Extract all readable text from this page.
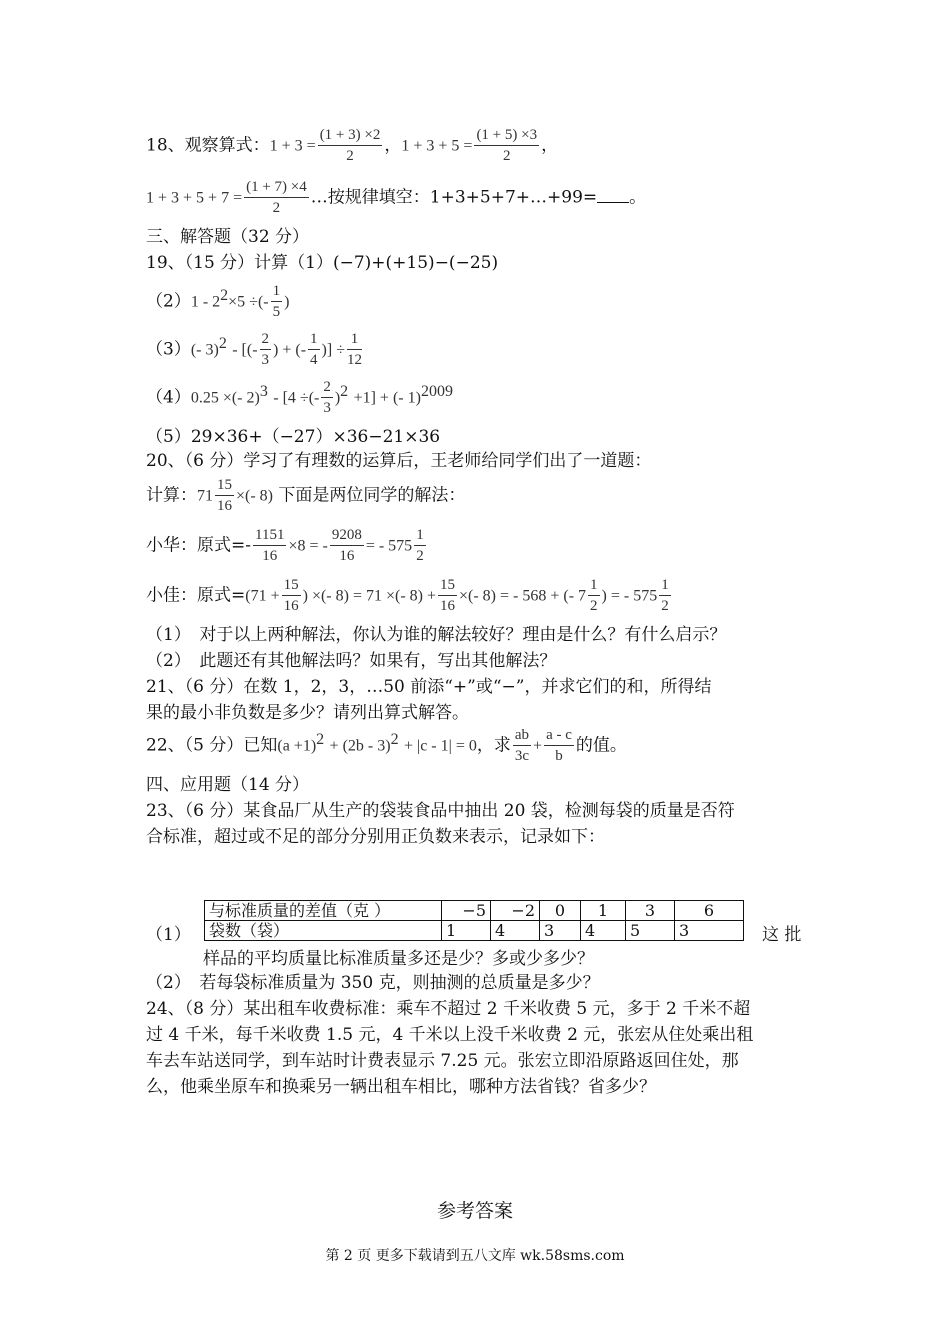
18、观察算式：$1 + 3 = \frac{(1 + 3) \times 2}{2}$ ，$1 + 3 + 5 = \frac{(1 + 5) \times 3}{2}$ ，
$1 + 3 + 5 + 7 = \frac{(1 + 7) \times 4}{2}$ …按规律填空：1+3+5+7+…+99= 。
三、解答题（32 分）
19、（15 分）计算（1）(−7)+(+15)−(−25)
$(2)1 - 2^2\times 5$ ÷(- $\frac{1}{5}$ )
（3）(- 3)$^2$ - [(- $\frac{2}{3}$ ) + (- $\frac{1}{4}$ )] ÷ $\frac{1}{12}$
（4）0.25 ×(- 2)$^3$ - [4 ÷(- $\frac{2}{3} )^2 +1$] + (- 1)$^{2009}$
（5）29×36+（−27）×36−21×36
20、（6 分）学习了有理数的运算后，王老师给同学们出了一道题：
计算：$71 \frac{15}{16}$ ×(- 8) 下面是两位同学的解法：
小华：原式=- $\frac{1151}{16} \times 8$ = - $\frac{9208}{16}$ = - $575 \frac{1}{2}$
小佳：原式$=(71 + \frac{15}{16}$ ) ×(- 8) = 71 ×(- $8) + \frac{15}{16}$ ×(- 8) = - 568 + (- $7 \frac{1}{2}$ ) = - $575 \frac{1}{2}$
（1）　对于以上两种解法，你认为谁的解法较好？理由是什么？有什么启示？
（2）　此题还有其他解法吗？如果有，写出其他解法？
21、（6 分）在数 1，2，3，…50 前添“+”或“−”，并求它们的和，所得结
果的最小非负数是多少？请列出算式解答。
22、（5 分）已知$(a +1)^2 + (2b - 3)^2 + |c - 1| = 0$，求 $\frac{ab}{3c} + \frac{a - c}{b}$ 的值。
四、应用题（14 分）
23、（6 分）某食品厂从生产的袋装食品中抽出 20 袋，检测每袋的质量是否符
合标准，超过或不足的部分分别用正负数来表示，记录如下：
与标准质量的差值（克 ）	−5	−2	0	1	3	6
袋数（袋）	1	4	3	4	5	3
（1）	这 批
样品的平均质量比标准质量多还是少？多或少多少？
（2）　若每袋标准质量为 350 克，则抽测的总质量是多少？
24、（8 分）某出租车收费标准：乘车不超过 2 千米收费 5 元，多于 2 千米不超
过 4 千米，每千米收费 1.5 元，4 千米以上没千米收费 2 元，张宏从住处乘出租
车去车站送同学，到车站时计费表显示 7.25 元。张宏立即沿原路返回住处，那
么，他乘坐原车和换乘另一辆出租车相比，哪种方法省钱？省多少？
参考答案
第 2 页 更多下载请到五八文库 wk.58sms.com
